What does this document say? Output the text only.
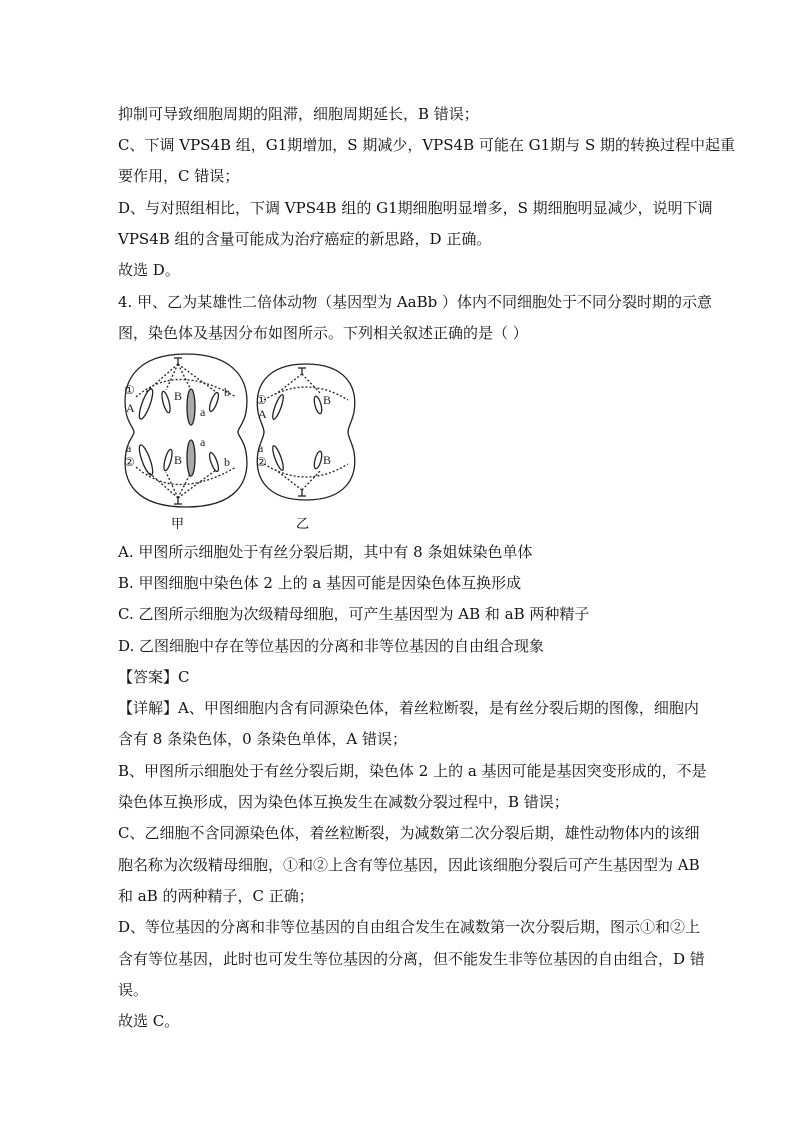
抑制可导致细胞周期的阻滞，细胞周期延长，B 错误；
C、下调 VPS4B 组，G1期增加，S 期减少，VPS4B 可能在 G1期与 S 期的转换过程中起重
要作用，C 错误；
D、与对照组相比，下调 VPS4B 组的 G1期细胞明显增多，S 期细胞明显减少，说明下调
VPS4B 组的含量可能成为治疗癌症的新思路，D 正确。
故选 D。
4. 甲、乙为某雄性二倍体动物（基因型为 AaBb ）体内不同细胞处于不同分裂时期的示意
图，染色体及基因分布如图所示。下列相关叙述正确的是（ ）
①
A
B
a
b
a
②	B
a
b
①
A
B
a
②	B
甲	乙
A. 甲图所示细胞处于有丝分裂后期，其中有 8 条姐妹染色单体
B. 甲图细胞中染色体 2 上的 a 基因可能是因染色体互换形成
C. 乙图所示细胞为次级精母细胞，可产生基因型为 AB 和 aB 两种精子
D. 乙图细胞中存在等位基因的分离和非等位基因的自由组合现象
【答案】C
【详解】A、甲图细胞内含有同源染色体，着丝粒断裂，是有丝分裂后期的图像，细胞内
含有 8 条染色体，0 条染色单体，A 错误；
B、甲图所示细胞处于有丝分裂后期，染色体 2 上的 a 基因可能是基因突变形成的，不是
染色体互换形成，因为染色体互换发生在减数分裂过程中，B 错误；
C、乙细胞不含同源染色体，着丝粒断裂，为减数第二次分裂后期，雄性动物体内的该细
胞名称为次级精母细胞，①和②上含有等位基因，因此该细胞分裂后可产生基因型为 AB
和 aB 的两种精子，C 正确；
D、等位基因的分离和非等位基因的自由组合发生在减数第一次分裂后期，图示①和②上
含有等位基因，此时也可发生等位基因的分离，但不能发生非等位基因的自由组合，D 错
误。
故选 C。
